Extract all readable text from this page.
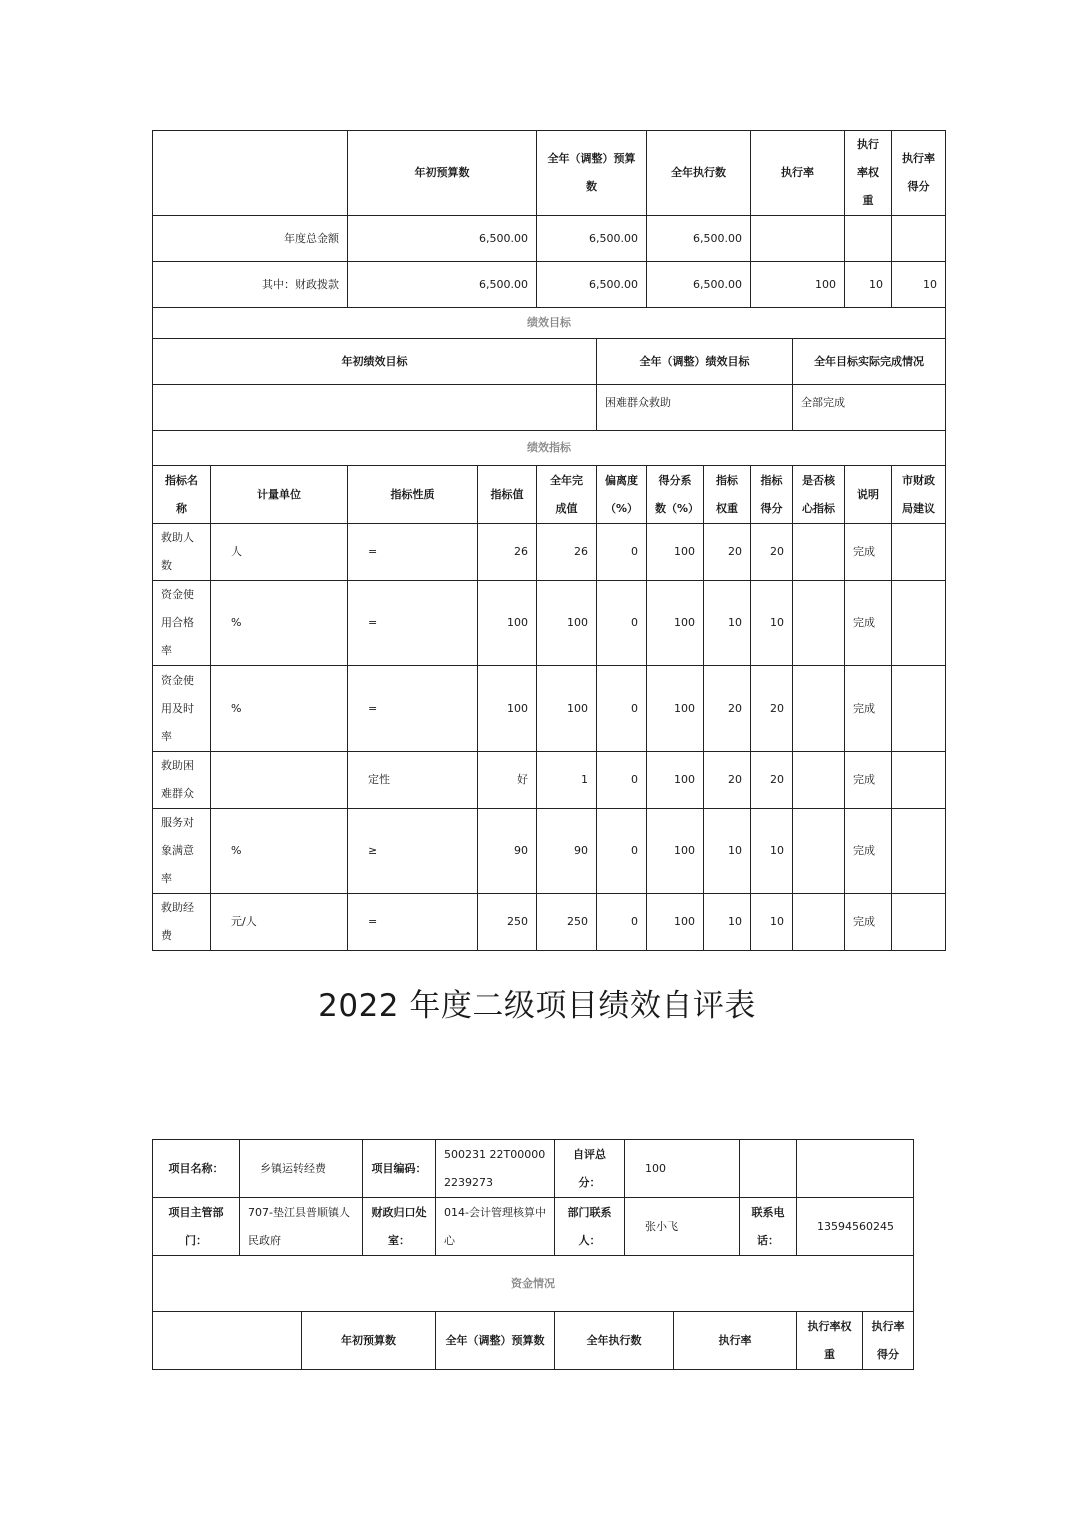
		年初预算数		全年（调整）预算数		全年执行数		执行率		执行率权重	执行率得分
年度总金额		6,500.00		6,500.00		6,500.00					
其中：财政拨款		6,500.00		6,500.00		6,500.00		100		10	10
绩效目标											
年初绩效目标					全年（调整）绩效目标				全年目标实际完成情况		
					困难群众救助				全部完成		
绩效指标											
指标名称	计量单位	指标性质	指标值	全年完成值	偏离度（%）	得分系数（%）	指标权重	指标得分	是否核心指标	说明	市财政局建议
救助人数	人	=	26	26	0	100	20	20		完成	
资金使用合格率	%	=	100	100	0	100	10	10		完成	
资金使用及时率	%	=	100	100	0	100	20	20		完成	
救助困难群众		定性	好	1	0	100	20	20		完成	
服务对象满意率	%	≥	90	90	0	100	10	10		完成	
救助经费	元/人	=	250	250	0	100	10	10		完成	
2022 年度二级项目绩效自评表
项目名称：	乡镇运转经费		项目编码：	500231 22T000002239273	自评总分：	100				
项目主管部门：	707-垫江县普顺镇人民政府		财政归口处室：	014-会计管理核算中心	部门联系人：	张小飞		联系电话：	13594560245	
资金情况										
		年初预算数		全年（调整）预算数	全年执行数		执行率		执行率权重	执行率得分
